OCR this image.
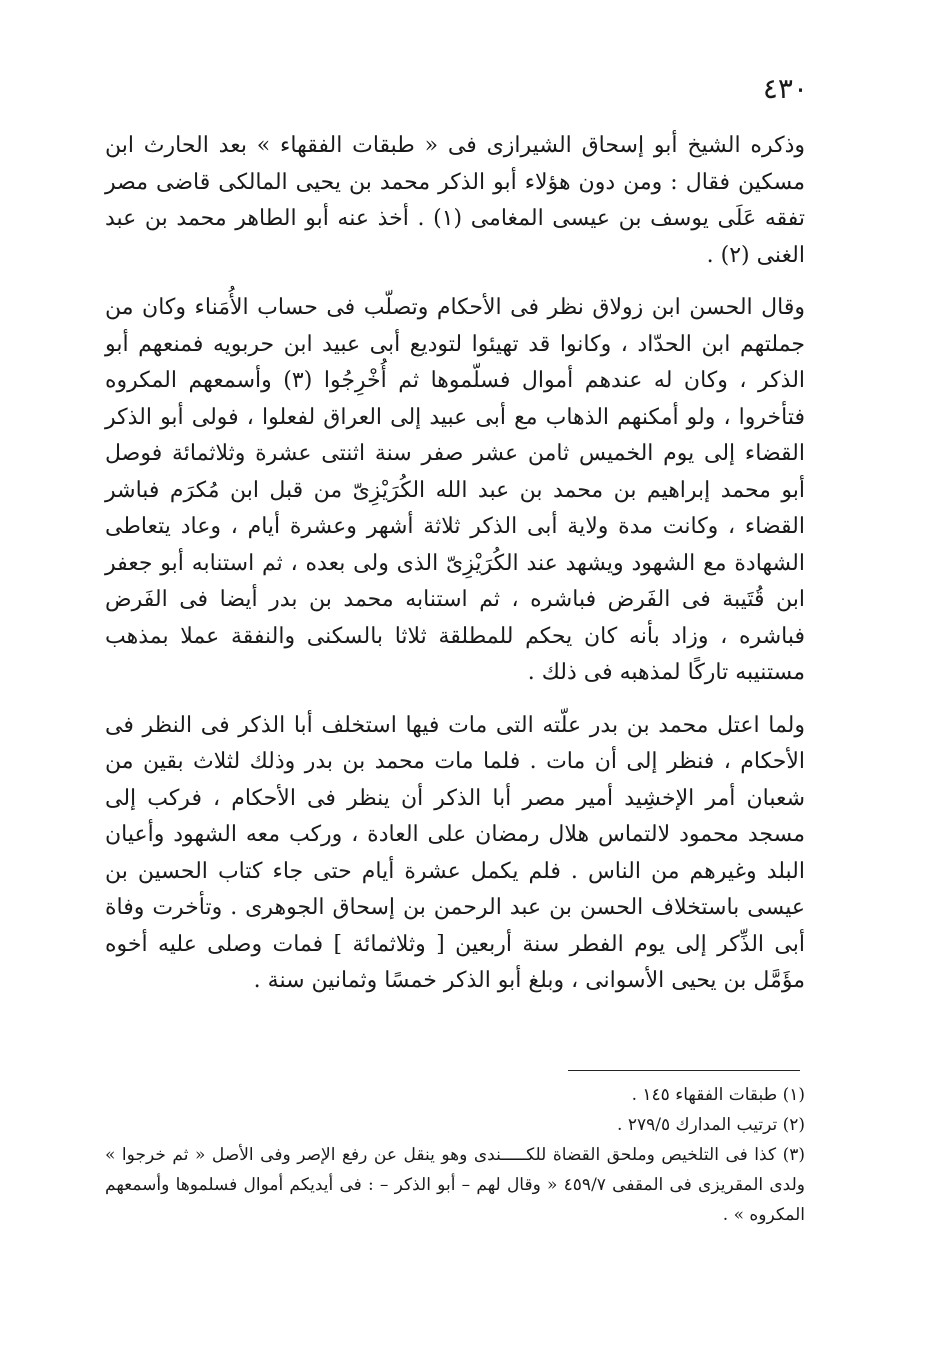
٤٣٠

وذكره الشيخ أبو إسحاق الشيرازى فى « طبقات الفقهاء » بعد الحارث ابن مسكين فقال : ومن دون هؤلاء أبو الذكر محمد بن يحيى المالكى قاضى مصر تفقه عَلَى يوسف بن عيسى المغامى (١) . أخذ عنه أبو الطاهر محمد بن عبد الغنى (٢) .

وقال الحسن ابن زولاق نظر فى الأحكام وتصلّب فى حساب الأُمَناء وكان من جملتهم ابن الحدّاد ، وكانوا قد تهيئوا لتوديع أبى عبيد ابن حربويه فمنعهم أبو الذكر ، وكان له عندهم أموال فسلّموها ثم أُخْرِجُوا (٣) وأسمعهم المكروه فتأخروا ، ولو أمكنهم الذهاب مع أبى عبيد إلى العراق لفعلوا ، فولى أبو الذكر القضاء إلى يوم الخميس ثامن عشر صفر سنة اثنتى عشرة وثلاثمائة فوصل أبو محمد إبراهيم بن محمد بن عبد الله الكُرَيْزِىّ من قبل ابن مُكرَم فباشر القضاء ، وكانت مدة ولاية أبى الذكر ثلاثة أشهر وعشرة أيام ، وعاد يتعاطى الشهادة مع الشهود ويشهد عند الكُرَيْزِىّ الذى ولى بعده ، ثم استنابه أبو جعفر ابن قُتَيبة فى الفَرض فباشره ، ثم استنابه محمد بن بدر أيضا فى الفَرض فباشره ، وزاد بأنه كان يحكم للمطلقة ثلاثا بالسكنى والنفقة عملا بمذهب مستنيبه تاركًا لمذهبه فى ذلك .

ولما اعتل محمد بن بدر علّته التى مات فيها استخلف أبا الذكر فى النظر فى الأحكام ، فنظر إلى أن مات . فلما مات محمد بن بدر وذلك لثلاث بقين من شعبان أمر الإخشِيد أمير مصر أبا الذكر أن ينظر فى الأحكام ، فركب إلى مسجد محمود لالتماس هلال رمضان على العادة ، وركب معه الشهود وأعيان البلد وغيرهم من الناس . فلم يكمل عشرة أيام حتى جاء كتاب الحسين بن عيسى باستخلاف الحسن بن عبد الرحمن بن إسحاق الجوهرى . وتأخرت وفاة أبى الذِّكر إلى يوم الفطر سنة أربعين [ وثلاثمائة ] فمات وصلى عليه أخوه مؤَمَّل بن يحيى الأسوانى ، وبلغ أبو الذكر خمسًا وثمانين سنة .

(١) طبقات الفقهاء ١٤٥ .

(٢) ترتيب المدارك ٢٧٩/٥ .

(٣) كذا فى التلخيص وملحق القضاة للكـــــندى وهو ينقل عن رفع الإصر وفى الأصل « ثم خرجوا » ولدى المقريزى فى المقفى ٤٥٩/٧ « وقال لهم – أبو الذكر – : فى أيديكم أموال فسلموها وأسمعهم المكروه » .
